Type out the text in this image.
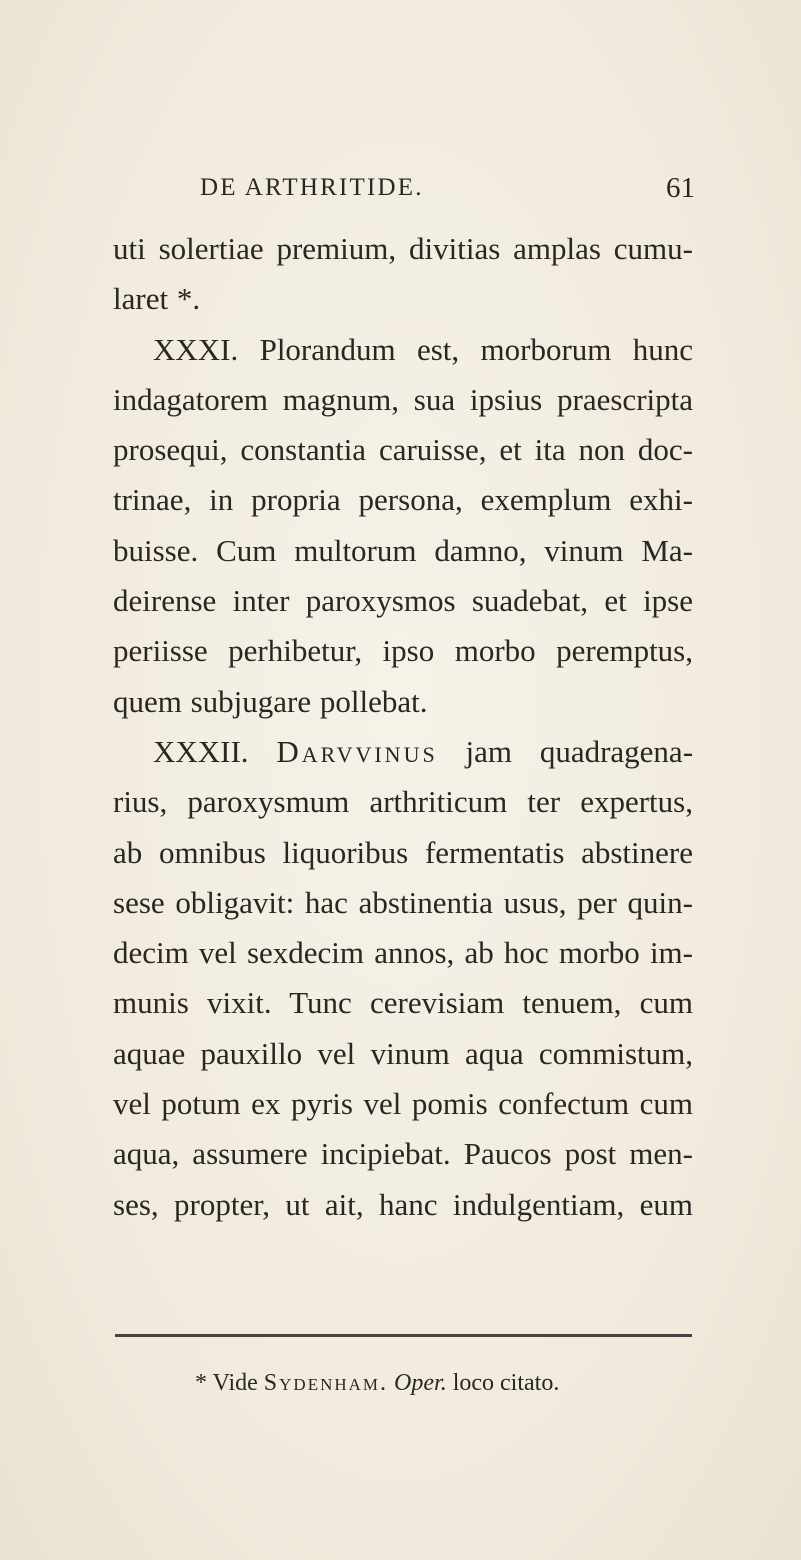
DE ARTHRITIDE.	61
uti solertiae premium, divitias amplas cumu-
laret *.
XXXI. Plorandum est, morborum hunc
indagatorem magnum, sua ipsius praescripta
prosequi, constantia caruisse, et ita non doc-
trinae, in propria persona, exemplum exhi-
buisse. Cum multorum damno, vinum Ma-
deirense inter paroxysmos suadebat, et ipse
periisse perhibetur, ipso morbo peremptus,
quem subjugare pollebat.
XXXII. Darvvinus jam quadragena-
rius, paroxysmum arthriticum ter expertus,
ab omnibus liquoribus fermentatis abstinere
sese obligavit: hac abstinentia usus, per quin-
decim vel sexdecim annos, ab hoc morbo im-
munis vixit. Tunc cerevisiam tenuem, cum
aquae pauxillo vel vinum aqua commistum,
vel potum ex pyris vel pomis confectum cum
aqua, assumere incipiebat. Paucos post men-
ses, propter, ut ait, hanc indulgentiam, eum
* Vide Sydenham. Oper. loco citato.
